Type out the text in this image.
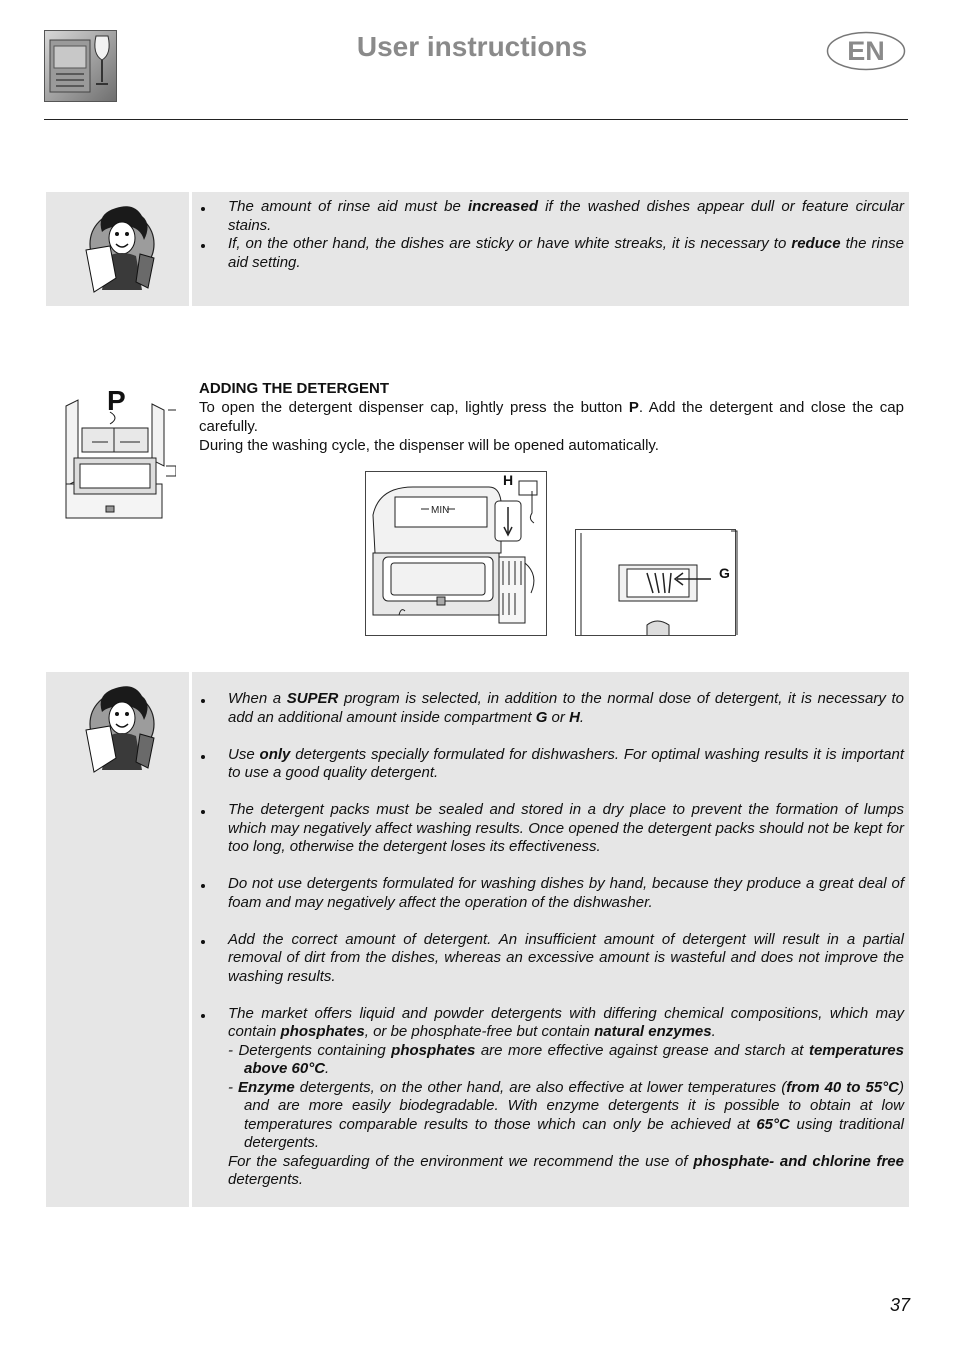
User instructions	EN
The amount of rinse aid must be increased if the washed dishes appear dull or feature circular stains.
If, on the other hand, the dishes are sticky or have white streaks, it is necessary to reduce the rinse aid setting.
P	ADDING THE DETERGENT
To open the detergent dispenser cap, lightly press the button P. Add the detergent and close the cap carefully.
During the washing cycle, the dispenser will be opened automatically.
H
MIN
G
When a SUPER program is selected, in addition to the normal dose of detergent, it is necessary to add an additional amount inside compartment G or H.
Use only detergents specially formulated for dishwashers. For optimal washing results it is important to use a good quality detergent.
The detergent packs must be sealed and stored in a dry place to prevent the formation of lumps which may negatively affect washing results. Once opened the detergent packs should not be kept for too long, otherwise the detergent loses its effectiveness.
Do not use detergents formulated for washing dishes by hand, because they produce a great deal of foam and may negatively affect the operation of the dishwasher.
Add the correct amount of detergent. An insufficient amount of detergent will result in a partial removal of dirt from the dishes, whereas an excessive amount is wasteful and does not improve the washing results.
The market offers liquid and powder detergents with differing chemical compositions, which may contain phosphates, or be phosphate-free but contain natural enzymes.
- Detergents containing phosphates are more effective against grease and starch at temperatures above 60°C.
- Enzyme detergents, on the other hand, are also effective at lower temperatures (from 40 to 55°C) and are more easily biodegradable. With enzyme detergents it is possible to obtain at low temperatures comparable results to those which can only be achieved at 65°C using traditional detergents.
For the safeguarding of the environment we recommend the use of phosphate- and chlorine free detergents.
37
